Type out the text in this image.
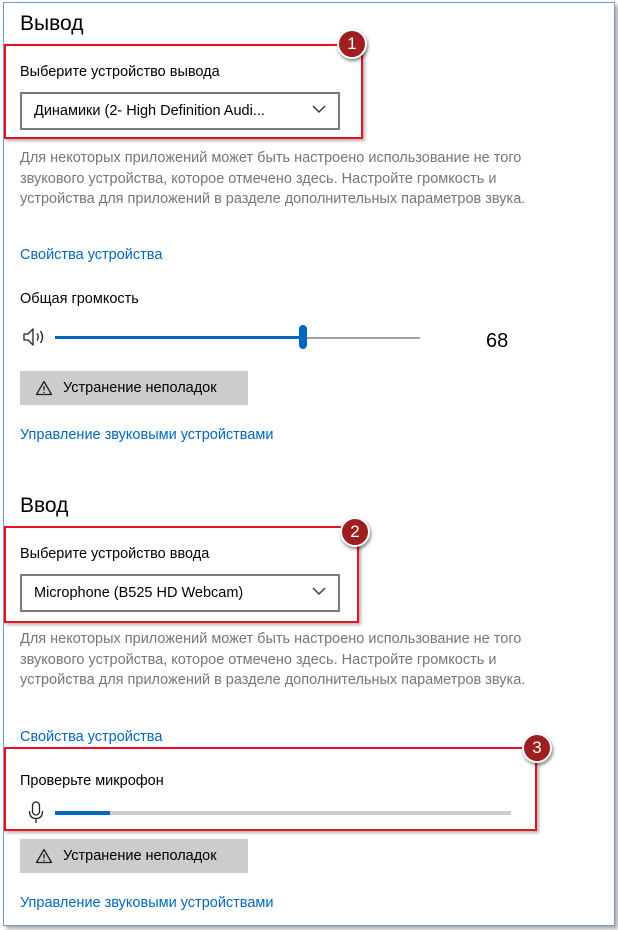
Вывод
1
Выберите устройство вывода
Динамики (2- High Definition Audi...
Для некоторых приложений может быть настроено использование не того звукового устройства, которое отмечено здесь. Настройте громкость и устройства для приложений в разделе дополнительных параметров звука.
Свойства устройства
Общая громкость
68
Устранение неполадок
Управление звуковыми устройствами
Ввод
2
Выберите устройство ввода
Microphone (B525 HD Webcam)
Для некоторых приложений может быть настроено использование не того звукового устройства, которое отмечено здесь. Настройте громкость и устройства для приложений в разделе дополнительных параметров звука.
Свойства устройства
3
Проверьте микрофон
Устранение неполадок
Управление звуковыми устройствами
